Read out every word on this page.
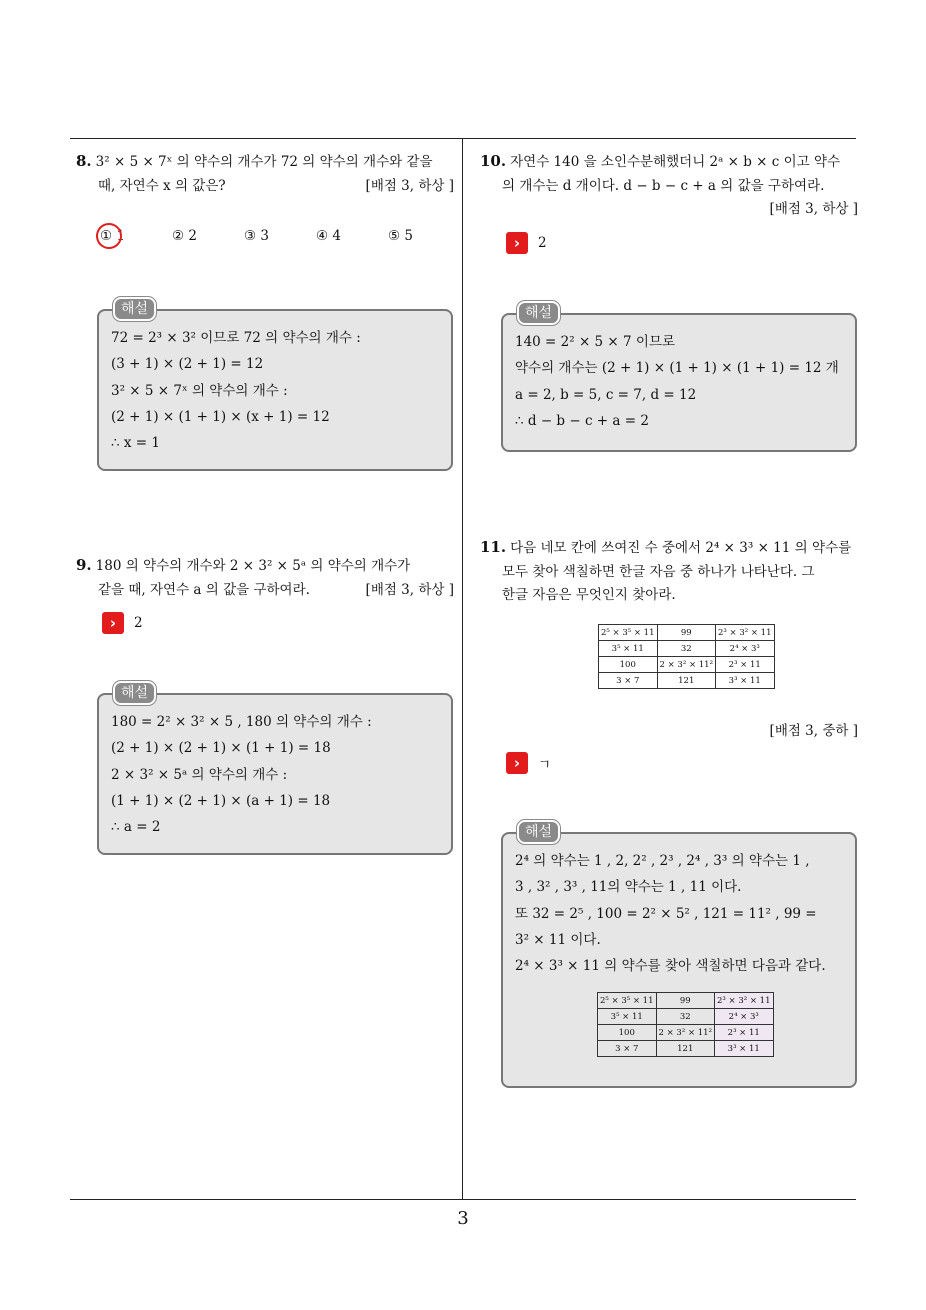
8. 3² × 5 × 7ˣ 의 약수의 개수가 72 의 약수의 개수와 같을
때, 자연수 x 의 값은?	[배점 3, 하상 ]
① 1	② 2	③ 3	④ 4	⑤ 5
해설
72 = 2³ × 3² 이므로 72 의 약수의 개수 :
(3 + 1) × (2 + 1) = 12
3² × 5 × 7ˣ 의 약수의 개수 :
(2 + 1) × (1 + 1) × (x + 1) = 12
∴ x = 1
9. 180 의 약수의 개수와 2 × 3² × 5ᵃ 의 약수의 개수가
같을 때, 자연수 a 의 값을 구하여라.	[배점 3, 하상 ]
›	2
해설
180 = 2² × 3² × 5 , 180 의 약수의 개수 :
(2 + 1) × (2 + 1) × (1 + 1) = 18
2 × 3² × 5ᵃ 의 약수의 개수 :
(1 + 1) × (2 + 1) × (a + 1) = 18
∴ a = 2
10. 자연수 140 을 소인수분해했더니 2ᵃ × b × c 이고 약수
의 개수는 d 개이다. d − b − c + a 의 값을 구하여라.
[배점 3, 하상 ]
›	2
해설
140 = 2² × 5 × 7 이므로
약수의 개수는 (2 + 1) × (1 + 1) × (1 + 1) = 12 개
a = 2, b = 5, c = 7, d = 12
∴ d − b − c + a = 2
11. 다음 네모 칸에 쓰여진 수 중에서 2⁴ × 3³ × 11 의 약수를
모두 찾아 색칠하면 한글 자음 중 하나가 나타난다. 그
한글 자음은 무엇인지 찾아라.
2⁵ × 3⁵ × 11	99	2³ × 3² × 11
3⁵ × 11	32	2⁴ × 3³
100	2 × 3² × 11²	2³ × 11
3 × 7	121	3³ × 11
[배점 3, 중하 ]
›	ㄱ
해설
2⁴ 의 약수는 1 , 2, 2² , 2³ , 2⁴ , 3³ 의 약수는 1 ,
3 , 3² , 3³ , 11의 약수는 1 , 11 이다.
또 32 = 2⁵ , 100 = 2² × 5² , 121 = 11² , 99 =
3² × 11 이다.
2⁴ × 3³ × 11 의 약수를 찾아 색칠하면 다음과 같다.
2⁵ × 3⁵ × 11	99	2³ × 3² × 11
3⁵ × 11	32	2⁴ × 3³
100	2 × 3² × 11²	2³ × 11
3 × 7	121	3³ × 11
3
